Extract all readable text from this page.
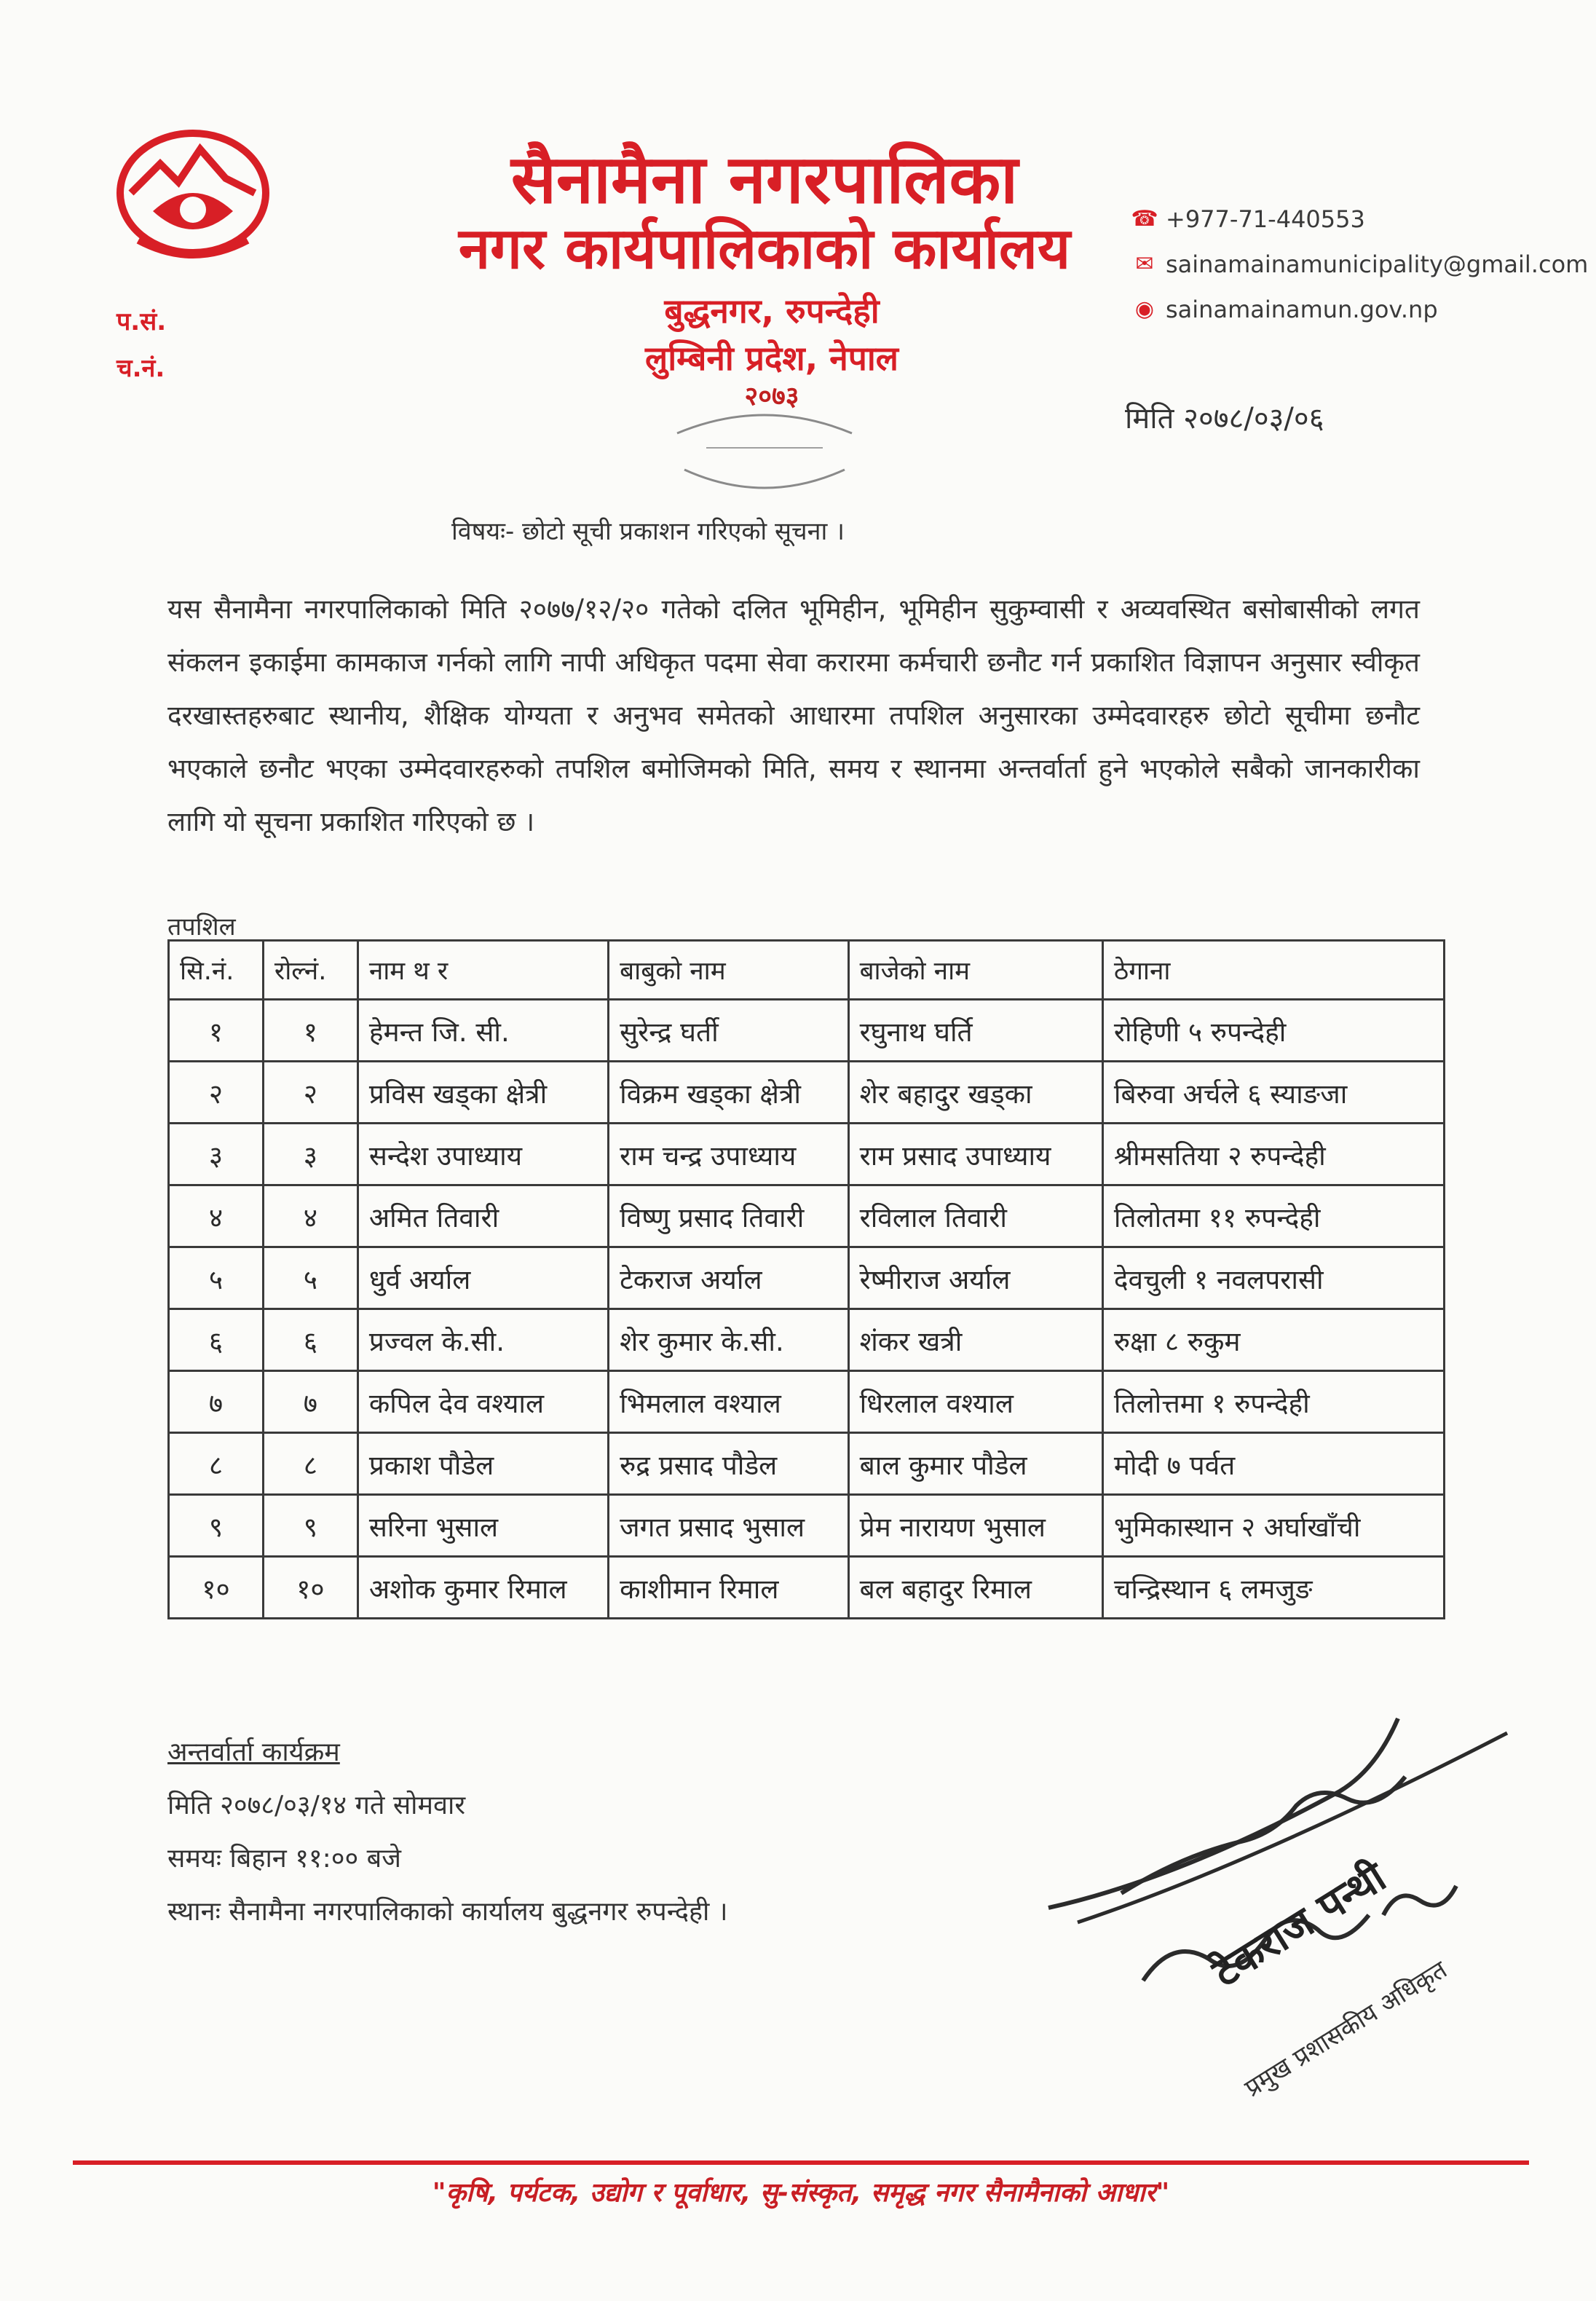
सैनामैना नगरपालिका
नगर कार्यपालिकाको कार्यालय
बुद्धनगर, रुपन्देही
लुम्बिनी प्रदेश, नेपाल
२०७३
प.सं.
च.नं.
☎ +977-71-440553
✉ sainamainamunicipality@gmail.com
◉ sainamainamun.gov.np
मिति २०७८/०३/०६
विषयः- छोटो सूची प्रकाशन गरिएको सूचना ।
यस सैनामैना नगरपालिकाको मिति २०७७/१२/२० गतेको दलित भूमिहीन, भूमिहीन सुकुम्वासी र अव्यवस्थित बसोबासीको लगत संकलन इकाईमा कामकाज गर्नको लागि नापी अधिकृत पदमा सेवा करारमा कर्मचारी छनौट गर्न प्रकाशित विज्ञापन अनुसार स्वीकृत दरखास्तहरुबाट स्थानीय, शैक्षिक योग्यता र अनुभव समेतको आधारमा तपशिल अनुसारका उम्मेदवारहरु छोटो सूचीमा छनौट भएकाले छनौट भएका उम्मेदवारहरुको तपशिल बमोजिमको मिति, समय र स्थानमा अन्तर्वार्ता हुने भएकोले सबैको जानकारीका लागि यो सूचना प्रकाशित गरिएको छ ।
तपशिल
सि.नं.	रोल्नं.	नाम थ र	बाबुको नाम	बाजेको नाम	ठेगाना
१	१	हेमन्त जि. सी.	सुरेन्द्र घर्ती	रघुनाथ घर्ति	रोहिणी ५ रुपन्देही
२	२	प्रविस खड्का क्षेत्री	विक्रम खड्का क्षेत्री	शेर बहादुर खड्का	बिरुवा अर्चले ६ स्याङजा
३	३	सन्देश उपाध्याय	राम चन्द्र उपाध्याय	राम प्रसाद उपाध्याय	श्रीमसतिया २ रुपन्देही
४	४	अमित तिवारी	विष्णु प्रसाद तिवारी	रविलाल तिवारी	तिलोतमा ११ रुपन्देही
५	५	धुर्व अर्याल	टेकराज अर्याल	रेष्मीराज अर्याल	देवचुली १ नवलपरासी
६	६	प्रज्वल के.सी.	शेर कुमार के.सी.	शंकर खत्री	रुक्षा ८ रुकुम
७	७	कपिल देव वश्याल	भिमलाल वश्याल	धिरलाल वश्याल	तिलोत्तमा १ रुपन्देही
८	८	प्रकाश पौडेल	रुद्र प्रसाद पौडेल	बाल कुमार पौडेल	मोदी ७ पर्वत
९	९	सरिना भुसाल	जगत प्रसाद भुसाल	प्रेम नारायण भुसाल	भुमिकास्थान २ अर्घाखाँची
१०	१०	अशोक कुमार रिमाल	काशीमान रिमाल	बल बहादुर रिमाल	चन्द्रिस्थान ६ लमजुङ
अन्तर्वार्ता कार्यक्रम
मिति २०७८/०३/१४ गते सोमवार
समयः बिहान ११:०० बजे
स्थानः सैनामैना नगरपालिकाको कार्यालय बुद्धनगर रुपन्देही ।	टेकराज पन्थी
प्रमुख प्रशासकीय अधिकृत
"कृषि, पर्यटक, उद्योग र पूर्वाधार, सु-संस्कृत, समृद्ध नगर सैनामैनाको आधार"
